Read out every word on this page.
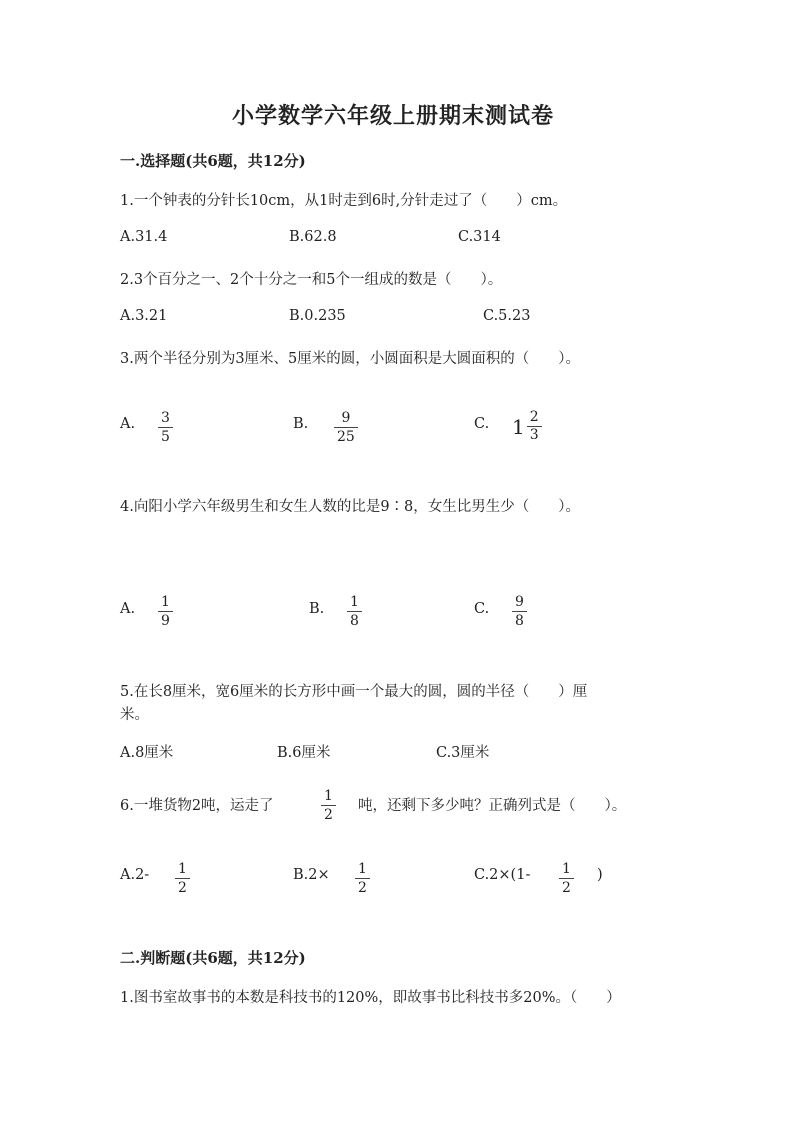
小学数学六年级上册期末测试卷
一.选择题(共6题，共12分)
1.一个钟表的分针长10cm，从1时走到6时,分针走过了（　　）cm。
A.31.4	B.62.8	C.314
2.3个百分之一、2个十分之一和5个一组成的数是（　　）。
A.3.21	B.0.235	C.5.23
3.两个半径分别为3厘米、5厘米的圆，小圆面积是大圆面积的（　　）。
A. 3
5
B. 9
25
C. $1 \frac{2}{3}$
4.向阳小学六年级男生和女生人数的比是9∶8，女生比男生少（　　）。
A. 1
9
B. 1
8
C. 9
8
5.在长8厘米，宽6厘米的长方形中画一个最大的圆，圆的半径（　　）厘
米。
A.8厘米	B.6厘米	C.3厘米
6.一堆货物2吨，运走了
1
2
吨，还剩下多少吨？正确列式是（　　）。
A.2- 1
2
B.2× 1
2
C.2×(1- 1
2
)
二.判断题(共6题，共12分)
1.图书室故事书的本数是科技书的120%，即故事书比科技书多20%。（　　）
